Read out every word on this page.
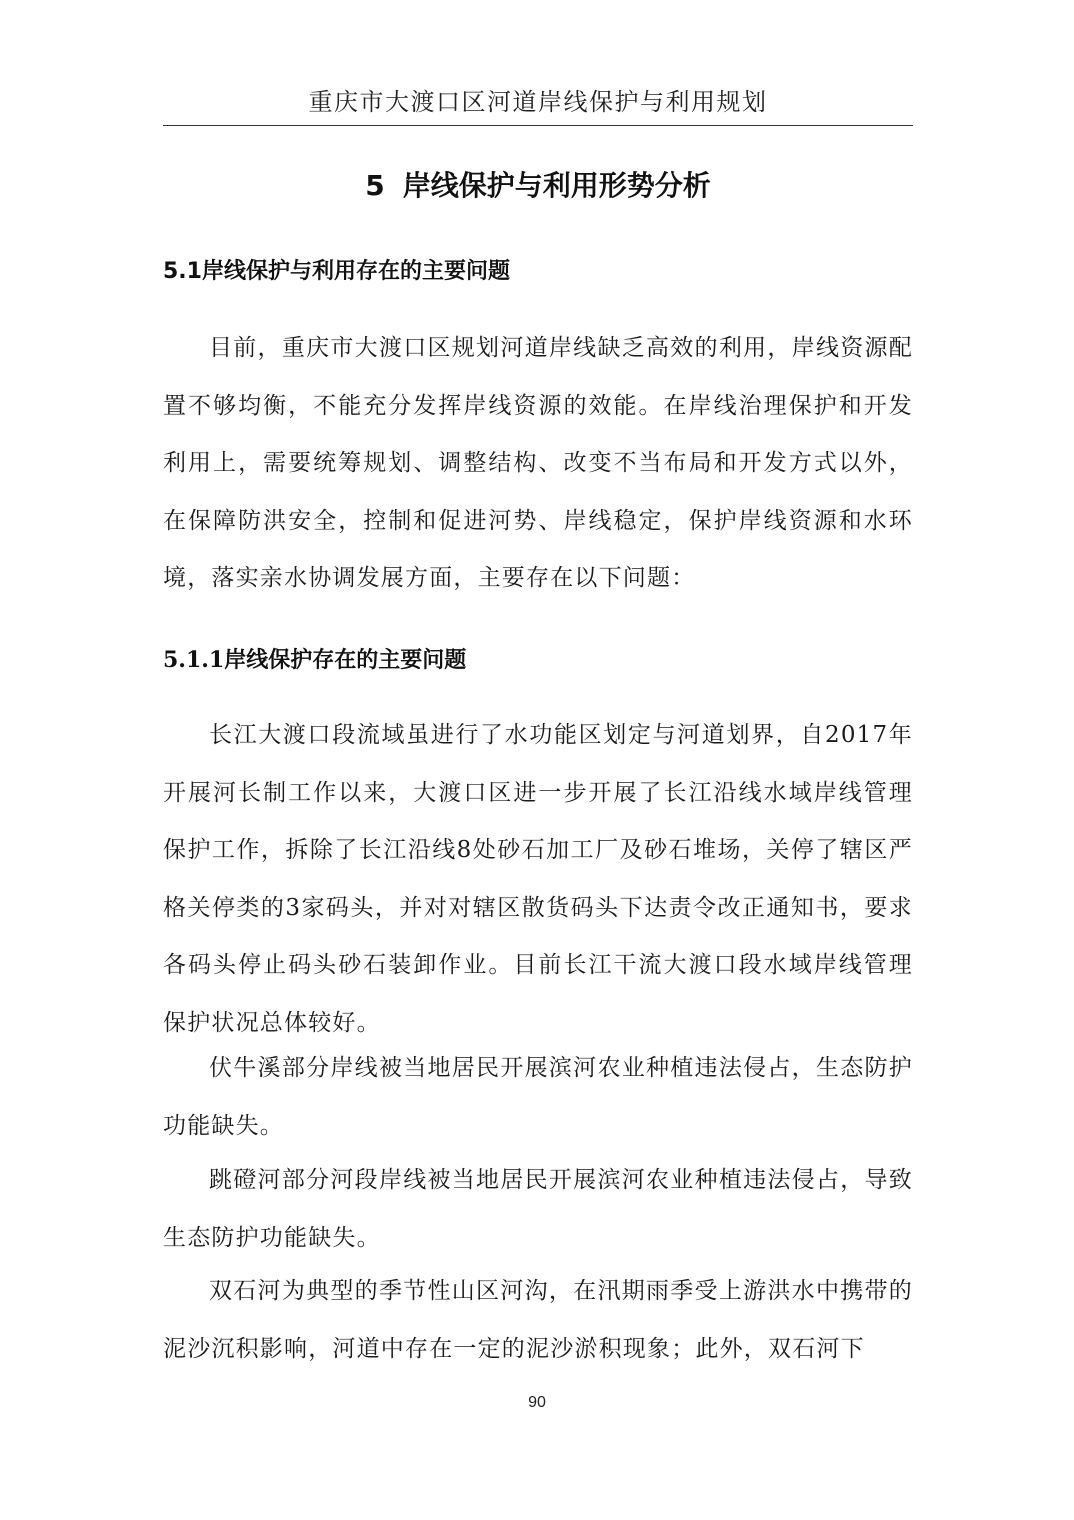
重庆市大渡口区河道岸线保护与利用规划
5 岸线保护与利用形势分析
5.1岸线保护与利用存在的主要问题

目前，重庆市大渡口区规划河道岸线缺乏高效的利用，岸线资源配置不够均衡，不能充分发挥岸线资源的效能。在岸线治理保护和开发利用上，需要统筹规划、调整结构、改变不当布局和开发方式以外，在保障防洪安全，控制和促进河势、岸线稳定，保护岸线资源和水环境，落实亲水协调发展方面，主要存在以下问题：

5.1.1岸线保护存在的主要问题

长江大渡口段流域虽进行了水功能区划定与河道划界，自2017年开展河长制工作以来，大渡口区进一步开展了长江沿线水域岸线管理保护工作，拆除了长江沿线8处砂石加工厂及砂石堆场，关停了辖区严格关停类的3家码头，并对对辖区散货码头下达责令改正通知书，要求各码头停止码头砂石装卸作业。目前长江干流大渡口段水域岸线管理保护状况总体较好。

伏牛溪部分岸线被当地居民开展滨河农业种植违法侵占，生态防护功能缺失。

跳磴河部分河段岸线被当地居民开展滨河农业种植违法侵占，导致生态防护功能缺失。

双石河为典型的季节性山区河沟，在汛期雨季受上游洪水中携带的泥沙沉积影响，河道中存在一定的泥沙淤积现象；此外，双石河下

90
